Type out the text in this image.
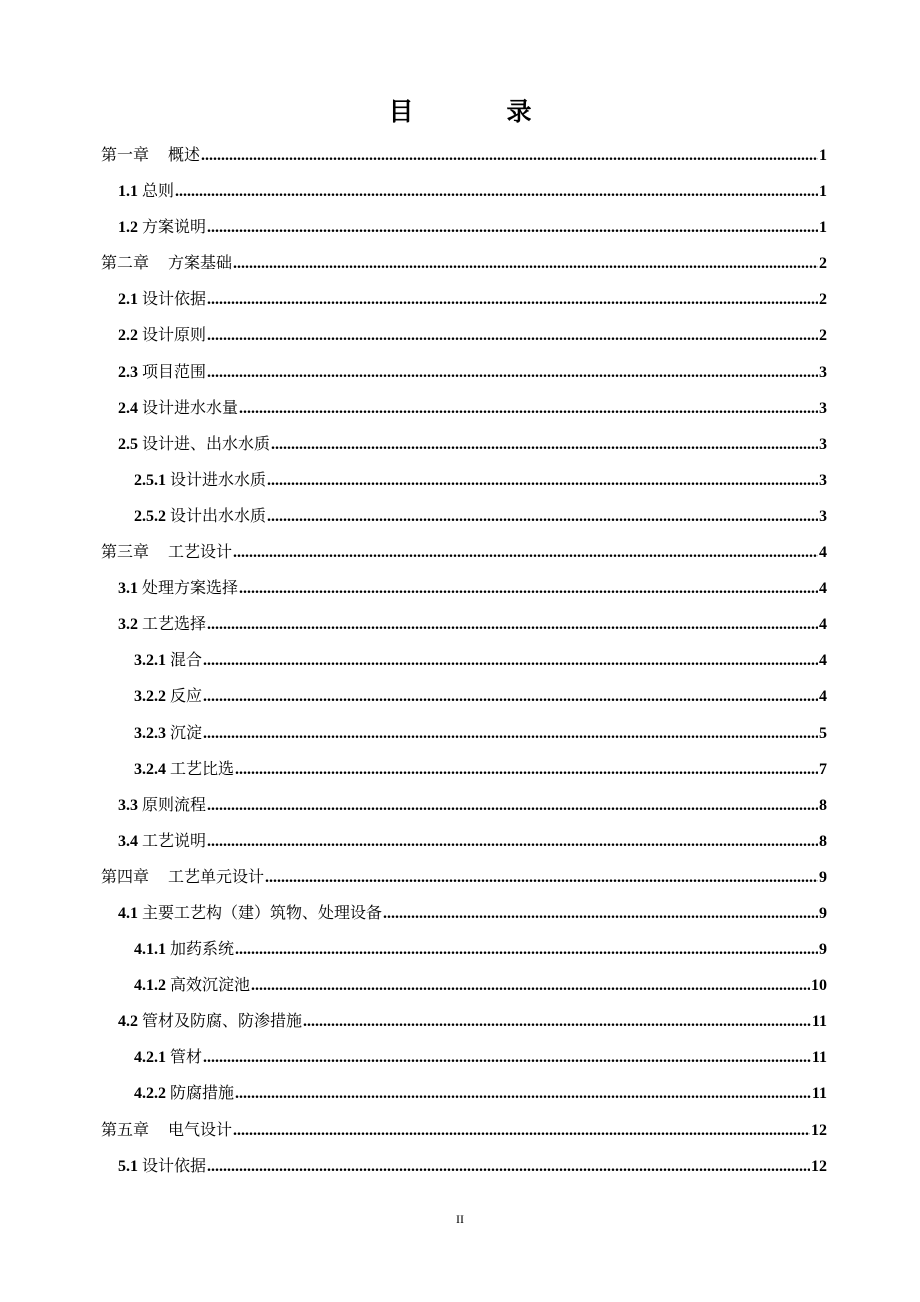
目　录
第一章 概述 .....	1
1.1 总则 .....	1
1.2 方案说明 .....	1
第二章 方案基础 .....	2
2.1 设计依据 .....	2
2.2 设计原则 .....	2
2.3 项目范围 .....	3
2.4 设计进水水量 .....	3
2.5 设计进、出水水质 .....	3
2.5.1 设计进水水质 .....	3
2.5.2 设计出水水质 .....	3
第三章 工艺设计 .....	4
3.1 处理方案选择 .....	4
3.2 工艺选择 .....	4
3.2.1 混合 .....	4
3.2.2 反应 .....	4
3.2.3 沉淀 .....	5
3.2.4 工艺比选 .....	7
3.3 原则流程 .....	8
3.4 工艺说明 .....	8
第四章 工艺单元设计 .....	9
4.1 主要工艺构（建）筑物、处理设备 .....	9
4.1.1 加药系统 .....	9
4.1.2 高效沉淀池 .....	10
4.2 管材及防腐、防渗措施 .....	11
4.2.1 管材 .....	11
4.2.2 防腐措施 .....	11
第五章 电气设计 .....	12
5.1 设计依据 .....	12
II
